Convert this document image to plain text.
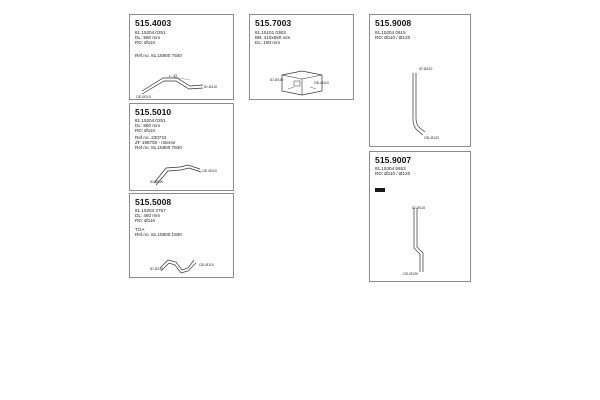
515.4003
81.15204 0251
DL: 960 mm
RD: Ø110
Ref.no. 81.15800 7500
L: 43
ID Ø110
OD Ø110
515.7003
81.15101 0363
BB: 410x550 mm
DL: 180 mm
ID Ø110
OD Ø110
515.9008
81.15204 0615
RD: Ø110 / Ø120
ID Ø120
OD Ø120
515.5010
81.15204 0251
DL: 860 mm
RD: Ø110
Ref.no. 230742
ZF 195750 - Interior
Ref.no. 81.15800 7500
ID Ø110
OD Ø110
515.9007
81.15304 5653
RD: Ø110 / Ø120
ID Ø110
OD Ø120
515.5008
81.15204 3757
DL: 460 mm
RD: Ø110
TGA
Ref.no. 81.15800 1500
ID Ø110
OD Ø110
